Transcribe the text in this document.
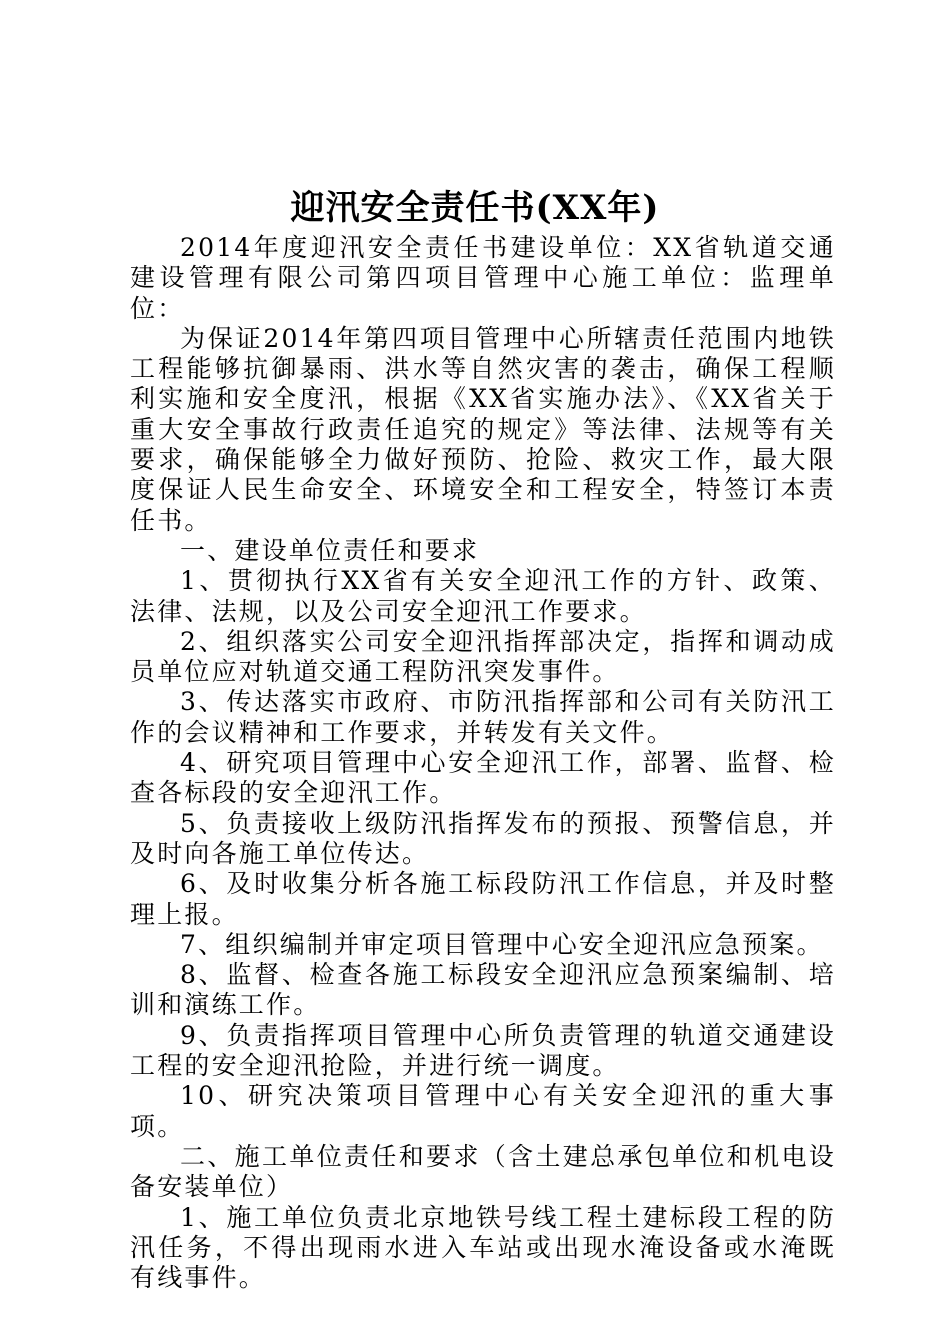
迎汛安全责任书(XX年)

2014年度迎汛安全责任书建设单位：XX省轨道交通建设管理有限公司第四项目管理中心施工单位：监理单位：

为保证2014年第四项目管理中心所辖责任范围内地铁工程能够抗御暴雨、洪水等自然灾害的袭击，确保工程顺利实施和安全度汛，根据《XX省实施办法》、《XX省关于重大安全事故行政责任追究的规定》等法律、法规等有关要求，确保能够全力做好预防、抢险、救灾工作，最大限度保证人民生命安全、环境安全和工程安全，特签订本责任书。

一、建设单位责任和要求

1、贯彻执行XX省有关安全迎汛工作的方针、政策、法律、法规，以及公司安全迎汛工作要求。

2、组织落实公司安全迎汛指挥部决定，指挥和调动成员单位应对轨道交通工程防汛突发事件。

3、传达落实市政府、市防汛指挥部和公司有关防汛工作的会议精神和工作要求，并转发有关文件。

4、研究项目管理中心安全迎汛工作，部署、监督、检查各标段的安全迎汛工作。

5、负责接收上级防汛指挥发布的预报、预警信息，并及时向各施工单位传达。

6、及时收集分析各施工标段防汛工作信息，并及时整理上报。

7、组织编制并审定项目管理中心安全迎汛应急预案。

8、监督、检查各施工标段安全迎汛应急预案编制、培训和演练工作。

9、负责指挥项目管理中心所负责管理的轨道交通建设工程的安全迎汛抢险，并进行统一调度。

10、研究决策项目管理中心有关安全迎汛的重大事项。

二、施工单位责任和要求（含土建总承包单位和机电设备安装单位）

1、施工单位负责北京地铁号线工程土建标段工程的防汛任务，不得出现雨水进入车站或出现水淹设备或水淹既有线事件。
